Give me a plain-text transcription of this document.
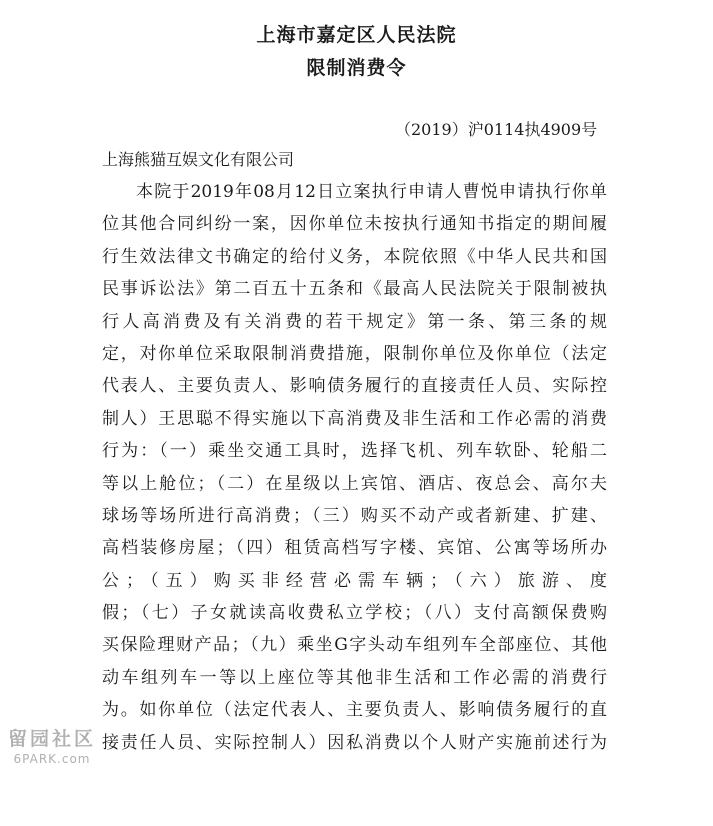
上海市嘉定区人民法院
限制消费令
（2019）沪0114执4909号
上海熊猫互娱文化有限公司
本院于2019年08月12日立案执行申请人曹悦申请执行你单
位其他合同纠纷一案，因你单位未按执行通知书指定的期间履
行生效法律文书确定的给付义务，本院依照《中华人民共和国
民事诉讼法》第二百五十五条和《最高人民法院关于限制被执
行人高消费及有关消费的若干规定》第一条、第三条的规
定，对你单位采取限制消费措施，限制你单位及你单位（法定
代表人、主要负责人、影响债务履行的直接责任人员、实际控
制人）王思聪不得实施以下高消费及非生活和工作必需的消费
行为：（一）乘坐交通工具时，选择飞机、列车软卧、轮船二
等以上舱位；（二）在星级以上宾馆、酒店、夜总会、高尔夫
球场等场所进行高消费；（三）购买不动产或者新建、扩建、
高档装修房屋；（四）租赁高档写字楼、宾馆、公寓等场所办
公；（五）购买非经营必需车辆；（六）旅游、度
假；（七）子女就读高收费私立学校；（八）支付高额保费购
买保险理财产品；（九）乘坐G字头动车组列车全部座位、其他
动车组列车一等以上座位等其他非生活和工作必需的消费行
为。如你单位（法定代表人、主要负责人、影响债务履行的直
接责任人员、实际控制人）因私消费以个人财产实施前述行为
留园社区
6PARK.com
